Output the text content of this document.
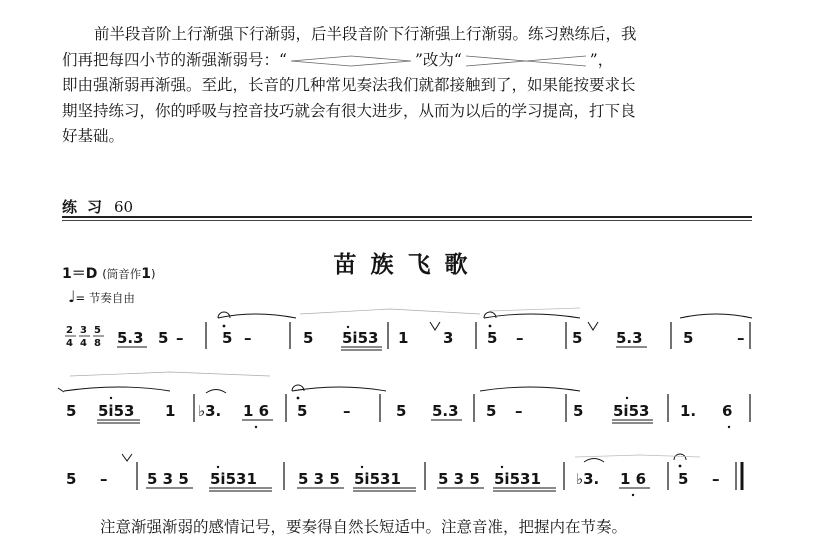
前半段音阶上行渐强下行渐弱，后半段音阶下行渐强上行渐弱。练习熟练后，我
们再把每四小节的渐强渐弱号：“	”改为“	”，
即由强渐弱再渐强。至此，长音的几种常见奏法我们就都接触到了，如果能按要求长
期坚持练习，你的呼吸与控音技巧就会有很大进步，从而为以后的学习提高，打下良
好基础。
练习 60
苗族飞歌
1＝D (筒音作1)
♩= 节奏自由
2
4
3
4
5
8 5.3 5 –	5 –	5 5i53 1 3 5 –	5 5.3	5	–
5 5i53 1 ♭3. 1 6 5 –	5 5.3 5 –	5 5i53 1. 6
5 –	5 3 5 5i531	5 3 5 5i531 5 3 5 5i531 ♭3. 1 6 5 –
注意渐强渐弱的感情记号，要奏得自然长短适中。注意音准，把握内在节奏。
